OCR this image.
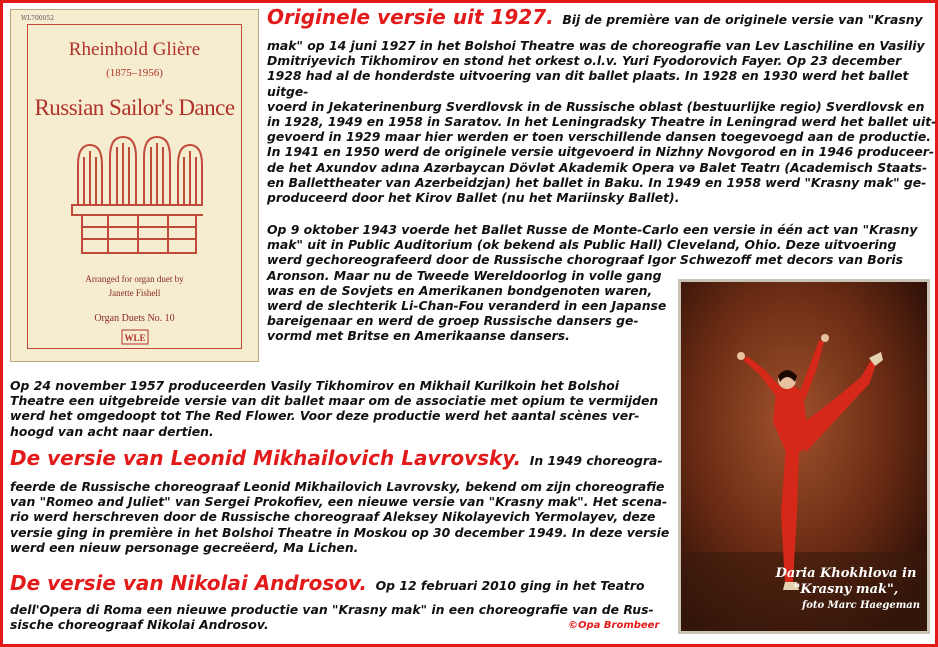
WL700052
Rheinhold Glière
(1875–1956)
Russian Sailor's Dance
Arranged for organ duet by
Janette Fishell
Organ Duets No. 10
WLE
Originele versie uit 1927. Bij de première van de originele versie van "Krasny
mak" op 14 juni 1927 in het Bolshoi Theatre was de choreografie van Lev Laschiline en Vasiliy
Dmitriyevich Tikhomirov en stond het orkest o.l.v. Yuri Fyodorovich Fayer. Op 23 december
1928 had al de honderdste uitvoering van dit ballet plaats. In 1928 en 1930 werd het ballet uitge-
voerd in Jekaterinenburg Sverdlovsk in de Russische oblast (bestuurlijke regio) Sverdlovsk en
in 1928, 1949 en 1958 in Saratov. In het Leningradsky Theatre in Leningrad werd het ballet uit-
gevoerd in 1929 maar hier werden er toen verschillende dansen toegevoegd aan de productie.
In 1941 en 1950 werd de originele versie uitgevoerd in Nizhny Novgorod en in 1946 produceer-
de het Axundov adına Azərbaycan Dövlət Akademik Opera və Balet Teatrı (Academisch Staats-
en Ballettheater van Azerbeidzjan) het ballet in Baku. In 1949 en 1958 werd "Krasny mak" ge-
produceerd door het Kirov Ballet (nu het Mariinsky Ballet).
Op 9 oktober 1943 voerde het Ballet Russe de Monte-Carlo een versie in één act van "Krasny
mak" uit in Public Auditorium (ok bekend als Public Hall) Cleveland, Ohio. Deze uitvoering
werd gechoreografeerd door de Russische chorograaf Igor Schwezoff met decors van Boris
Aronson. Maar nu de Tweede Wereldoorlog in volle gang
was en de Sovjets en Amerikanen bondgenoten waren,
werd de slechterik Li-Chan-Fou veranderd in een Japanse
bareigenaar en werd de groep Russische dansers ge-
vormd met Britse en Amerikaanse dansers.
Op 24 november 1957 produceerden Vasily Tikhomirov en Mikhail Kurilkoin het Bolshoi
Theatre een uitgebreide versie van dit ballet maar om de associatie met opium te vermijden
werd het omgedoopt tot The Red Flower. Voor deze productie werd het aantal scènes ver-
hoogd van acht naar dertien.
De versie van Leonid Mikhailovich Lavrovsky. In 1949 choreogra-
feerde de Russische choreograaf Leonid Mikhailovich Lavrovsky, bekend om zijn choreografie
van "Romeo and Juliet" van Sergei Prokofiev, een nieuwe versie van "Krasny mak". Het scena-
rio werd herschreven door de Russische choreograaf Aleksey Nikolayevich Yermolayev, deze
versie ging in première in het Bolshoi Theatre in Moskou op 30 december 1949. In deze versie
werd een nieuw personage gecreëerd, Ma Lichen.
De versie van Nikolai Androsov. Op 12 februari 2010 ging in het Teatro
dell'Opera di Roma een nieuwe productie van "Krasny mak" in een choreografie van de Rus-
sische choreograaf Nikolai Androsov.
Daria Khokhlova in
"Krasny mak",

foto Marc Haegeman
©Opa Brombeer
